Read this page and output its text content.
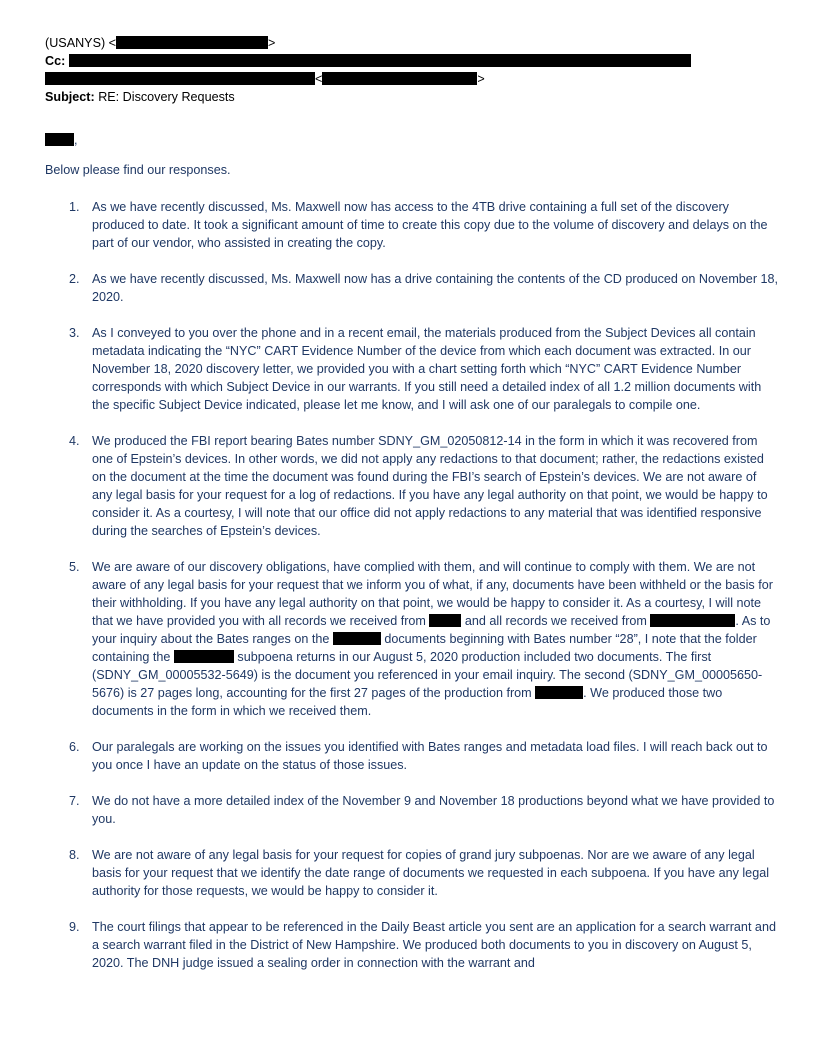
(USANYS) <	>
Cc:
<	>
Subject: RE: Discovery Requests
,
Below please find our responses.
1. As we have recently discussed, Ms. Maxwell now has access to the 4TB drive containing a full set of the discovery produced to date. It took a significant amount of time to create this copy due to the volume of discovery and delays on the part of our vendor, who assisted in creating the copy.
2. As we have recently discussed, Ms. Maxwell now has a drive containing the contents of the CD produced on November 18, 2020.
3. As I conveyed to you over the phone and in a recent email, the materials produced from the Subject Devices all contain metadata indicating the “NYC” CART Evidence Number of the device from which each document was extracted. In our November 18, 2020 discovery letter, we provided you with a chart setting forth which “NYC” CART Evidence Number corresponds with which Subject Device in our warrants. If you still need a detailed index of all 1.2 million documents with the specific Subject Device indicated, please let me know, and I will ask one of our paralegals to compile one.
4. We produced the FBI report bearing Bates number SDNY_GM_02050812-14 in the form in which it was recovered from one of Epstein’s devices. In other words, we did not apply any redactions to that document; rather, the redactions existed on the document at the time the document was found during the FBI’s search of Epstein’s devices. We are not aware of any legal basis for your request for a log of redactions. If you have any legal authority on that point, we would be happy to consider it. As a courtesy, I will note that our office did not apply redactions to any material that was identified responsive during the searches of Epstein’s devices.
5. We are aware of our discovery obligations, have complied with them, and will continue to comply with them. We are not aware of any legal basis for your request that we inform you of what, if any, documents have been withheld or the basis for their withholding. If you have any legal authority on that point, we would be happy to consider it. As a courtesy, I will note that we have provided you with all records we received from	and all records we received from	. As to your inquiry about the Bates ranges on the	documents beginning with Bates number “28”, I note that the folder containing the	subpoena returns in our August 5, 2020 production included two documents. The first (SDNY_GM_00005532-5649) is the document you referenced in your email inquiry. The second (SDNY_GM_00005650-5676) is 27 pages long, accounting for the first 27 pages of the production from	. We produced those two documents in the form in which we received them.
6. Our paralegals are working on the issues you identified with Bates ranges and metadata load files. I will reach back out to you once I have an update on the status of those issues.
7. We do not have a more detailed index of the November 9 and November 18 productions beyond what we have provided to you.
8. We are not aware of any legal basis for your request for copies of grand jury subpoenas. Nor are we aware of any legal basis for your request that we identify the date range of documents we requested in each subpoena. If you have any legal authority for those requests, we would be happy to consider it.
9. The court filings that appear to be referenced in the Daily Beast article you sent are an application for a search warrant and a search warrant filed in the District of New Hampshire. We produced both documents to you in discovery on August 5, 2020. The DNH judge issued a sealing order in connection with the warrant and
